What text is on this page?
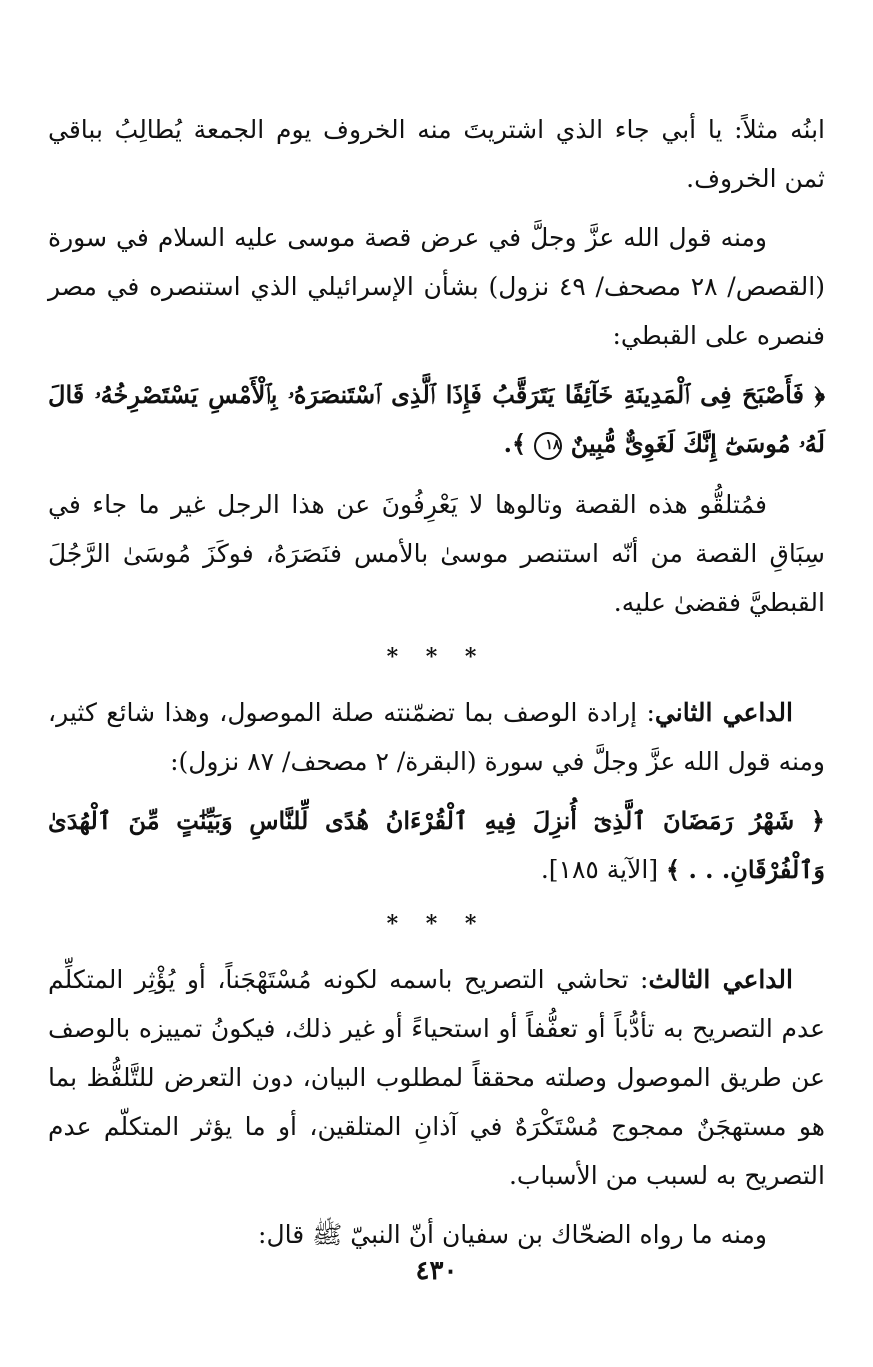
ابنُه مثلاً: يا أبي جاء الذي اشتريتَ منه الخروف يوم الجمعة يُطالِبُ بباقي ثمن الخروف.

ومنه قول الله عزَّ وجلَّ في عرض قصة موسى عليه السلام في سورة (القصص/ ٢٨ مصحف/ ٤٩ نزول) بشأن الإسرائيلي الذي استنصره في مصر فنصره على القبطي:

﴿ فَأَصْبَحَ فِى ٱلْمَدِينَةِ خَآئِفًا يَتَرَقَّبُ فَإِذَا ٱلَّذِى ٱسْتَنصَرَهُۥ بِٱلْأَمْسِ يَسْتَصْرِخُهُۥ قَالَ لَهُۥ مُوسَىٰٓ إِنَّكَ لَغَوِىٌّ مُّبِينٌ ١٨ ﴾.

فمُتلقُّو هذه القصة وتالوها لا يَعْرِفُونَ عن هذا الرجل غير ما جاء في سِبَاقِ القصة من أنّه استنصر موسىٰ بالأمس فنَصَرَهُ، فوكَزَ مُوسَىٰ الرَّجُلَ القبطيَّ فقضىٰ عليه.

* * *

الداعي الثاني: إرادة الوصف بما تضمّنته صلة الموصول، وهذا شائع كثير، ومنه قول الله عزَّ وجلَّ في سورة (البقرة/ ٢ مصحف/ ٨٧ نزول):

﴿ شَهْرُ رَمَضَانَ ٱلَّذِىٓ أُنزِلَ فِيهِ ٱلْقُرْءَانُ هُدًى لِّلنَّاسِ وَبَيِّنَٰتٍ مِّنَ ٱلْهُدَىٰ وَٱلْفُرْقَانِ. . . ﴾ [الآية ١٨٥].

* * *

الداعي الثالث: تحاشي التصريح باسمه لكونه مُسْتَهْجَناً، أو يُؤْثِر المتكلِّم عدم التصريح به تأدُّباً أو تعفُّفاً أو استحياءً أو غير ذلك، فيكونُ تمييزه بالوصف عن طريق الموصول وصلته محققاً لمطلوب البيان، دون التعرض للتَّلفُّظ بما هو مستهجَنٌ ممجوج مُسْتَكْرَهٌ في آذانِ المتلقين، أو ما يؤثر المتكلّم عدم التصريح به لسبب من الأسباب.

ومنه ما رواه الضحّاك بن سفيان أنّ النبيّ ﷺ قال:

٤٣٠
